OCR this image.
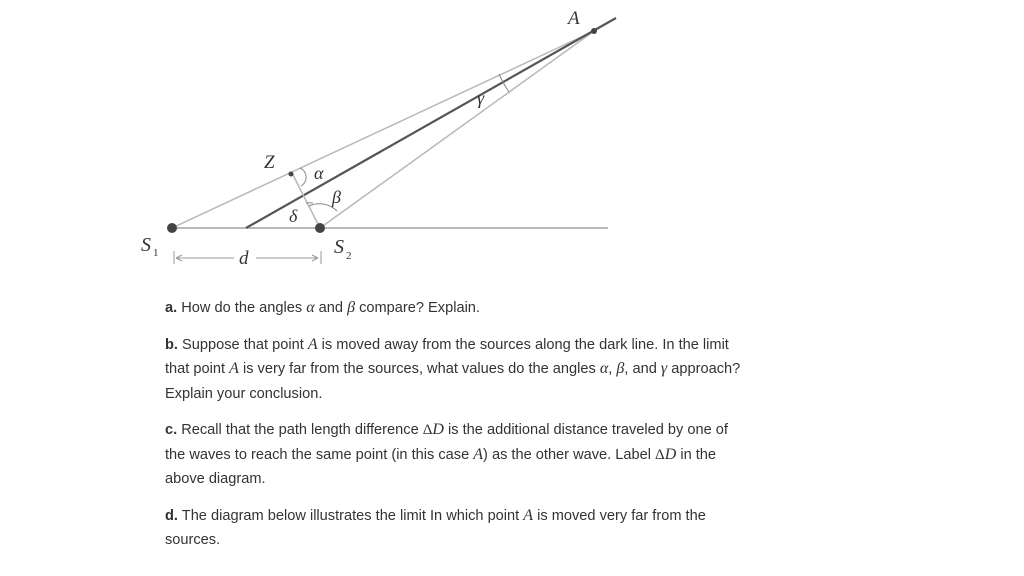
A
Z α
β
δ
γ
d
S 1	S 2

a. How do the angles α and β compare? Explain.

b. Suppose that point A is moved away from the sources along the dark line. In the limit that point A is very far from the sources, what values do the angles α, β, and γ approach? Explain your conclusion.

c. Recall that the path length difference ΔD is the additional distance traveled by one of the waves to reach the same point (in this case A) as the other wave. Label ΔD in the above diagram.

d. The diagram below illustrates the limit In which point A is moved very far from the sources.
